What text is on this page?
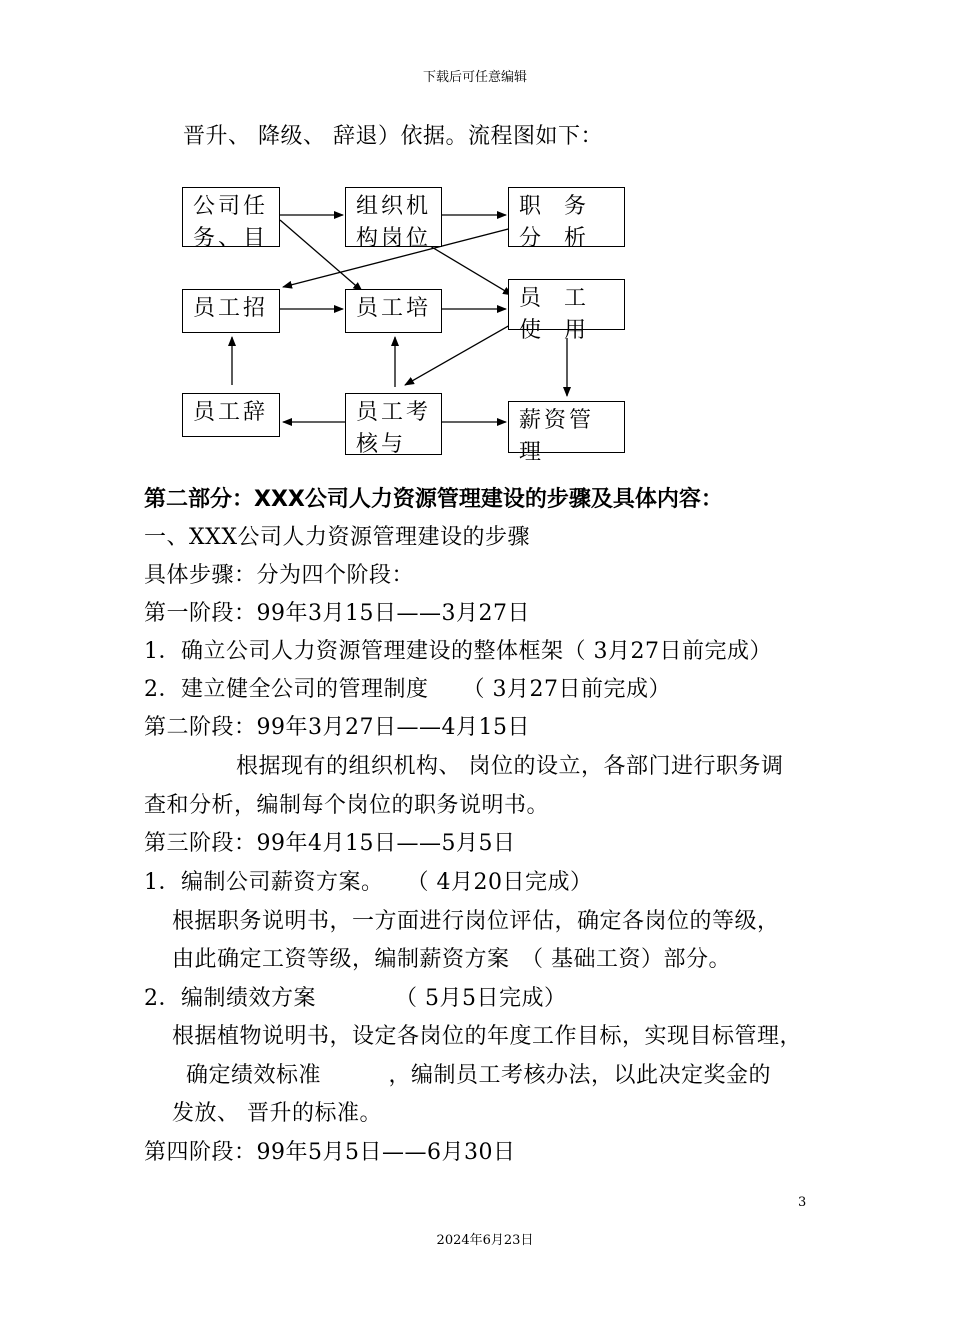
下载后可任意编辑
晋升、 降级、 辞退）依据。流程图如下：
公司任务、目
组织机构岗位
职 务 分 析
员工招	员工培	员 工 使 用
员工辞	员工考核与
薪资管理
第二部分：XXX公司人力资源管理建设的步骤及具体内容：
一、XXX公司人力资源管理建设的步骤
具体步骤：分为四个阶段：
第一阶段：99年3月15日——3月27日
1．确立公司人力资源管理建设的整体框架（ 3月27日前完成）
2．建立健全公司的管理制度　　（ 3月27日前完成）
第二阶段：99年3月27日——4月15日
根据现有的组织机构、 岗位的设立，各部门进行职务调
查和分析，编制每个岗位的职务说明书。
第三阶段：99年4月15日——5月5日
1．编制公司薪资方案。　　（ 4月20日完成）
根据职务说明书，一方面进行岗位评估，确定各岗位的等级，
由此确定工资等级，编制薪资方案　（ 基础工资）部分。
2．编制绩效方案　　　　（ 5月5日完成）
根据植物说明书，设定各岗位的年度工作目标，实现目标管理，
确定绩效标准　　　，编制员工考核办法，以此决定奖金的
发放、 晋升的标准。
第四阶段：99年5月5日——6月30日
3
2024年6月23日
